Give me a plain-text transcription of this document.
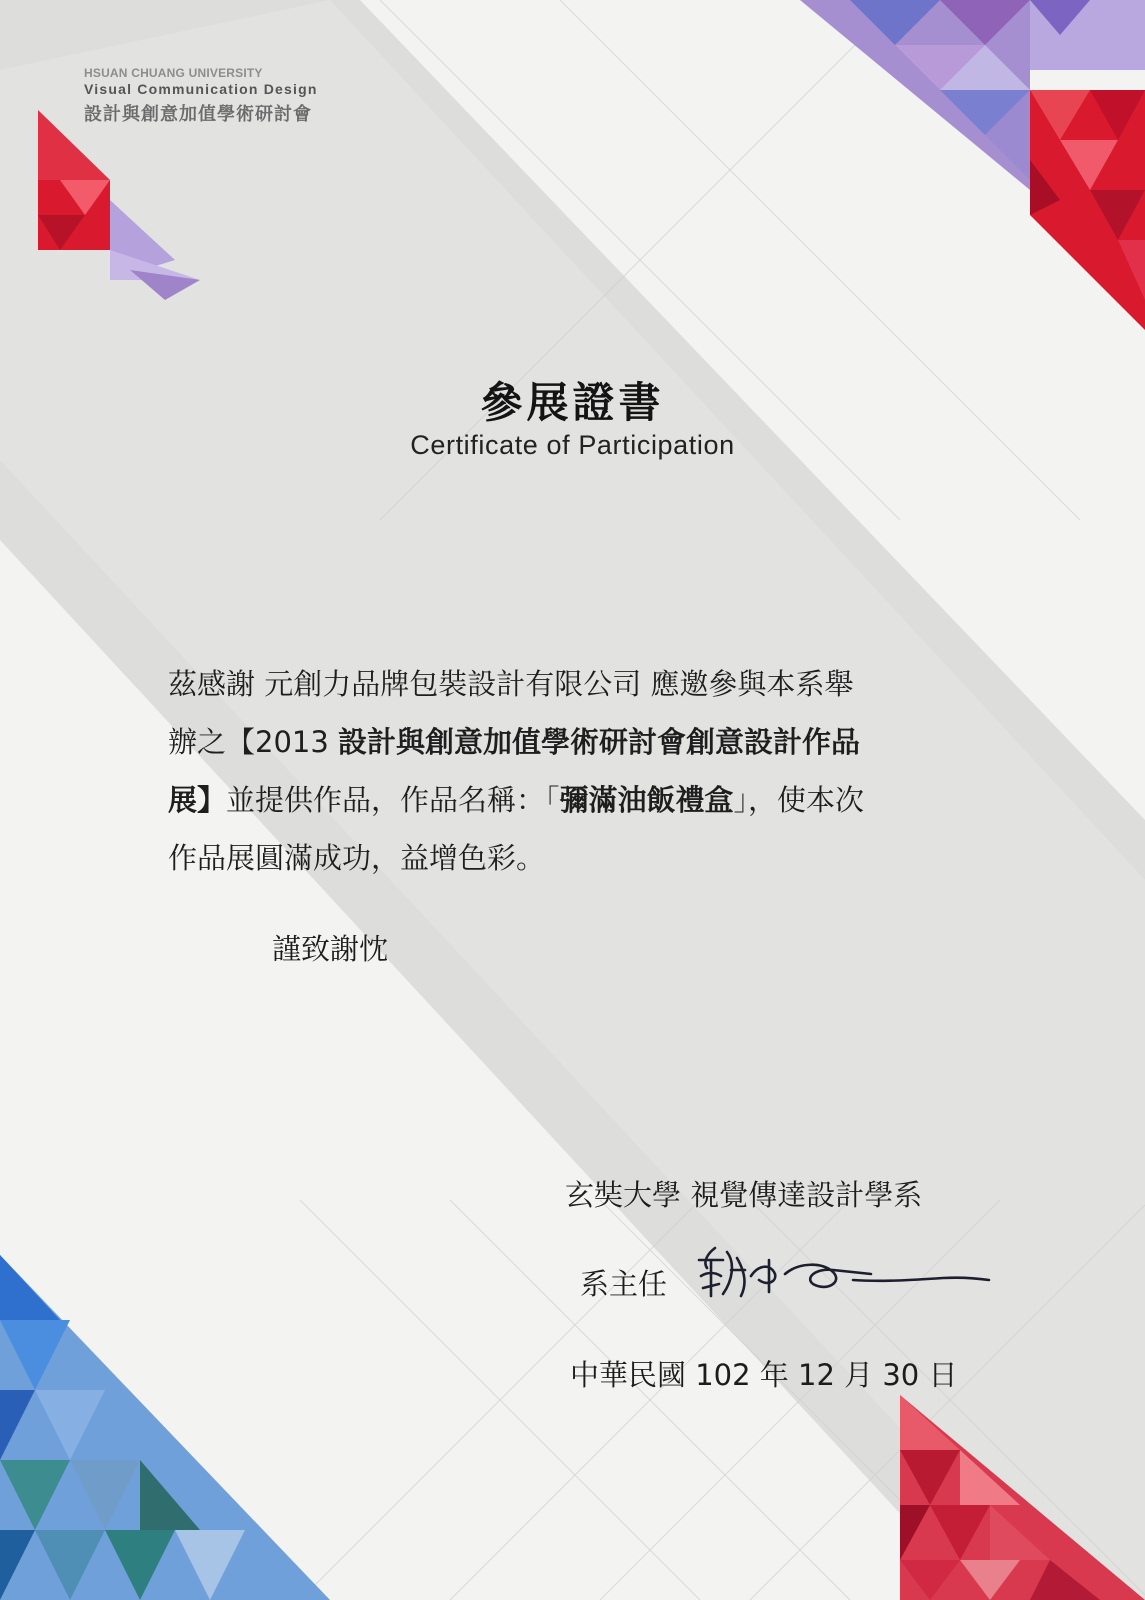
HSUAN CHUANG UNIVERSITY
Visual Communication Design
設計與創意加值學術研討會
參展證書
Certificate of Participation

茲感謝 元創力品牌包裝設計有限公司 應邀參與本系舉

辦之【2013 設計與創意加值學術研討會創意設計作品

展】並提供作品，作品名稱：「彌滿油飯禮盒」，使本次

作品展圓滿成功，益增色彩。

謹致謝忱
玄奘大學 視覺傳達設計學系
系主任
中華民國 102 年 12 月 30 日
